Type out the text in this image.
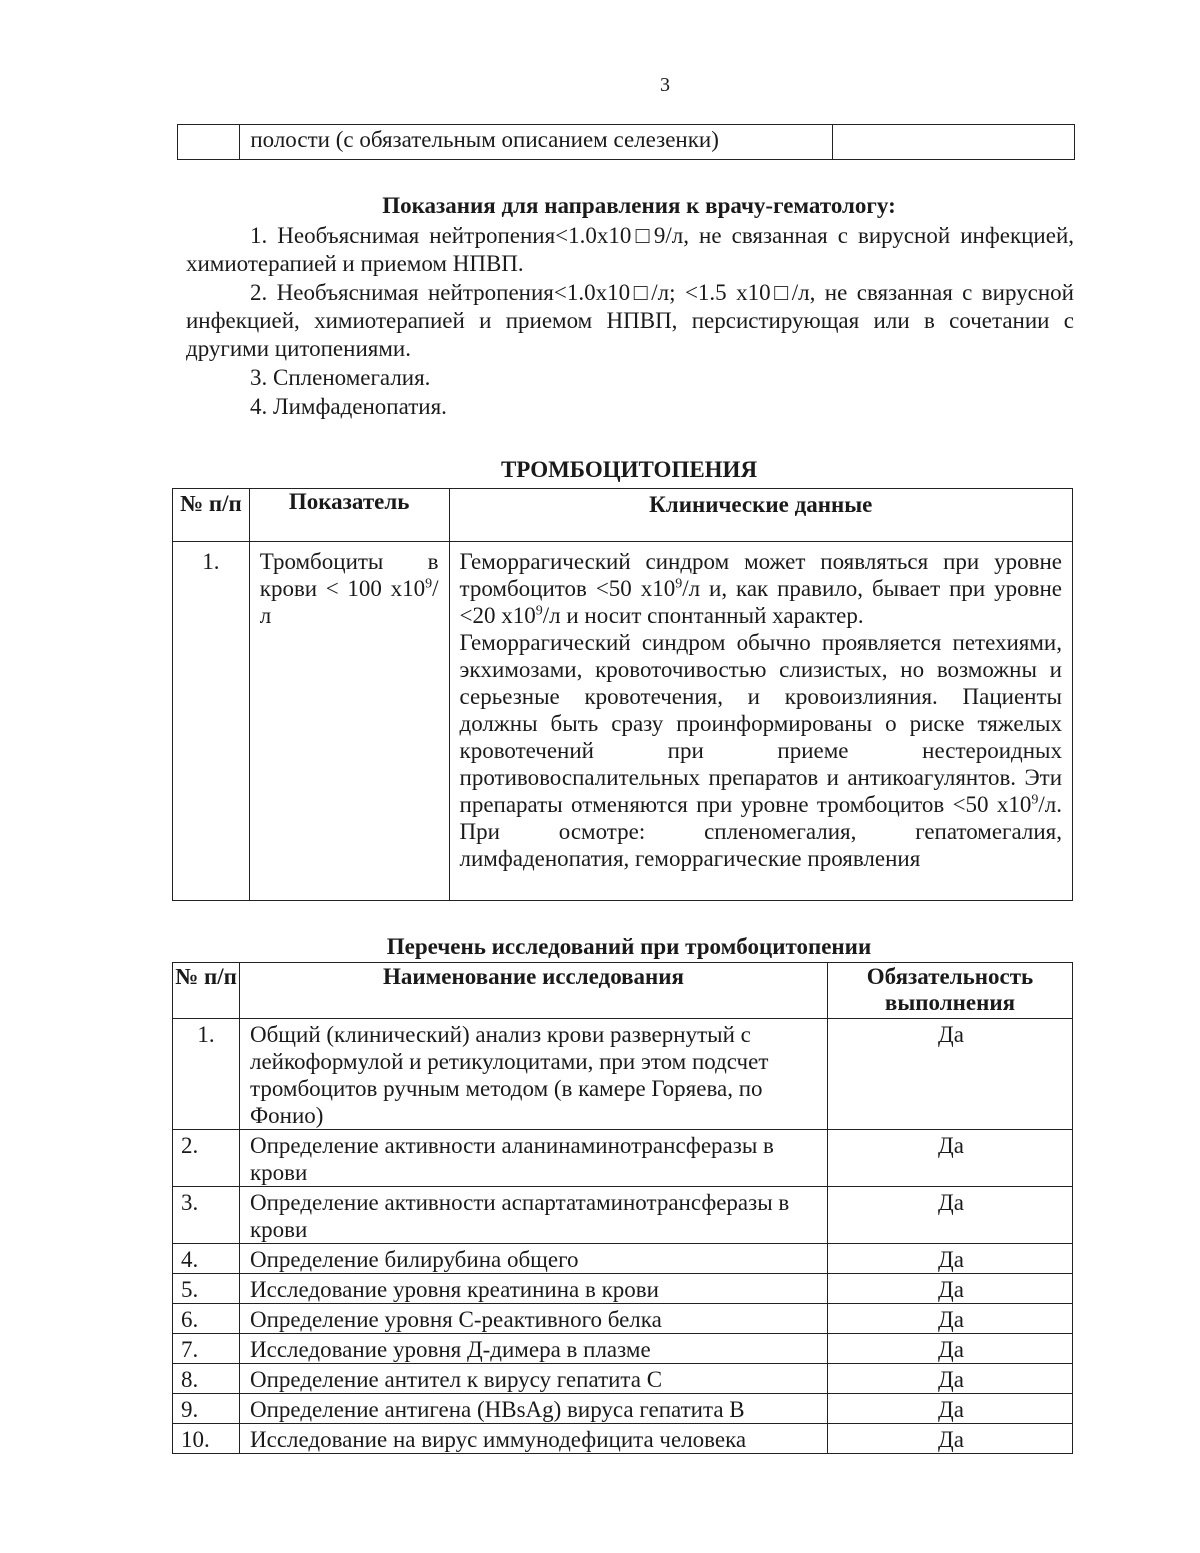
3
	полости (с обязательным описанием селезенки)	
Показания для направления к врачу-гематологу:

1. Необъяснимая нейтропения<1.0x10□9/л, не связанная с вирусной инфекцией, химиотерапией и приемом НПВП.

2. Необъяснимая нейтропения<1.0x10□/л; <1.5 x10□/л, не связанная с вирусной инфекцией, химиотерапией и приемом НПВП, персистирующая или в сочетании с другими цитопениями.

3. Спленомегалия.

4. Лимфаденопатия.

ТРОМБОЦИТОПЕНИЯ
№ п/п	Показатель	Клинические данные
1.	Тромбоциты в крови < 100 $x10^9/л$	Геморрагический синдром может появляться при уровне тромбоцитов <50 $x10^9/л$ и, как правило, бывает при уровне <20 $x10^9/л$ и носит спонтанный характер.
Геморрагический синдром обычно проявляется петехиями, экхимозами, кровоточивостью слизистых, но возможны и серьезные кровотечения, и кровоизлияния. Пациенты должны быть сразу проинформированы о риске тяжелых кровотечений при приеме нестероидных противовоспалительных препаратов и антикоагулянтов. Эти препараты отменяются при уровне тромбоцитов <50 $x10^9/л$. При осмотре: спленомегалия, гепатомегалия, лимфаденопатия, геморрагические проявления
Перечень исследований при тромбоцитопении
№ п/п	Наименование исследования	Обязательность выполнения
1.	Общий (клинический) анализ крови развернутый с лейкоформулой и ретикулоцитами, при этом подсчет тромбоцитов ручным методом (в камере Горяева, по Фонио)	Да
2.	Определение активности аланинаминотрансферазы в крови	Да
3.	Определение активности аспартатаминотрансферазы в крови	Да
4.	Определение билирубина общего	Да
5.	Исследование уровня креатинина в крови	Да
6.	Определение уровня С-реактивного белка	Да
7.	Исследование уровня Д-димера в плазме	Да
8.	Определение антител к вирусу гепатита С	Да
9.	Определение антигена (HBsAg) вируса гепатита В	Да
10.	Исследование на вирус иммунодефицита человека	Да
